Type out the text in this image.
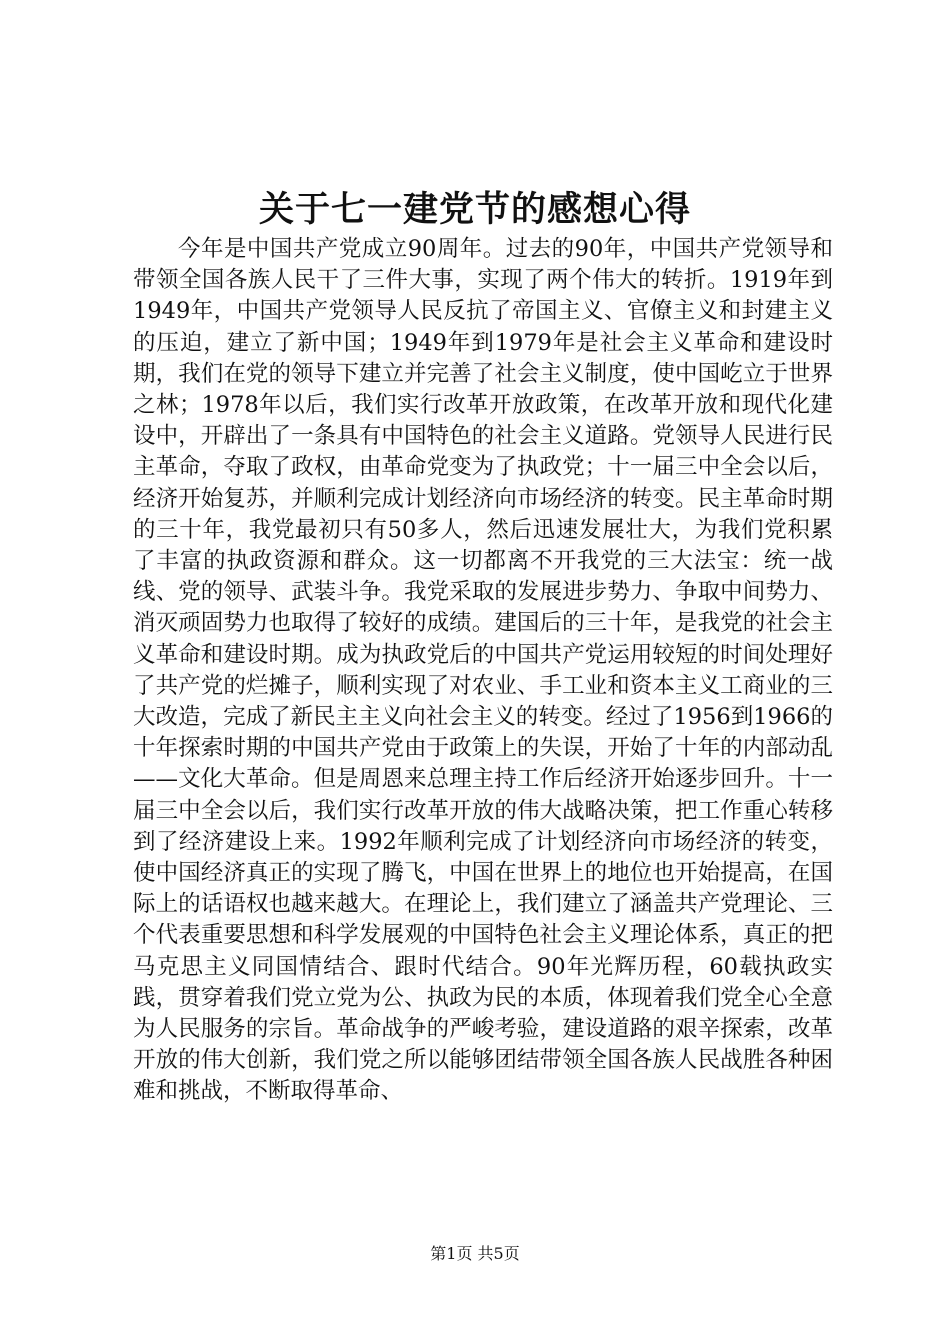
关于七一建党节的感想心得

今年是中国共产党成立90周年。过去的90年，中国共产党领导和带领全国各族人民干了三件大事，实现了两个伟大的转折。1919年到1949年，中国共产党领导人民反抗了帝国主义、官僚主义和封建主义的压迫，建立了新中国；1949年到1979年是社会主义革命和建设时期，我们在党的领导下建立并完善了社会主义制度，使中国屹立于世界之林；1978年以后，我们实行改革开放政策，在改革开放和现代化建设中，开辟出了一条具有中国特色的社会主义道路。党领导人民进行民主革命，夺取了政权，由革命党变为了执政党；十一届三中全会以后，经济开始复苏，并顺利完成计划经济向市场经济的转变。民主革命时期的三十年，我党最初只有50多人，然后迅速发展壮大，为我们党积累了丰富的执政资源和群众。这一切都离不开我党的三大法宝：统一战线、党的领导、武装斗争。我党采取的发展进步势力、争取中间势力、消灭顽固势力也取得了较好的成绩。建国后的三十年，是我党的社会主义革命和建设时期。成为执政党后的中国共产党运用较短的时间处理好了共产党的烂摊子，顺利实现了对农业、手工业和资本主义工商业的三大改造，完成了新民主主义向社会主义的转变。经过了1956到1966的十年探索时期的中国共产党由于政策上的失误，开始了十年的内部动乱——文化大革命。但是周恩来总理主持工作后经济开始逐步回升。十一届三中全会以后，我们实行改革开放的伟大战略决策，把工作重心转移到了经济建设上来。1992年顺利完成了计划经济向市场经济的转变，使中国经济真正的实现了腾飞，中国在世界上的地位也开始提高，在国际上的话语权也越来越大。在理论上，我们建立了涵盖共产党理论、三个代表重要思想和科学发展观的中国特色社会主义理论体系，真正的把马克思主义同国情结合、跟时代结合。90年光辉历程，60载执政实践，贯穿着我们党立党为公、执政为民的本质，体现着我们党全心全意为人民服务的宗旨。革命战争的严峻考验，建设道路的艰辛探索，改革开放的伟大创新，我们党之所以能够团结带领全国各族人民战胜各种困难和挑战，不断取得革命、

第1页 共5页
